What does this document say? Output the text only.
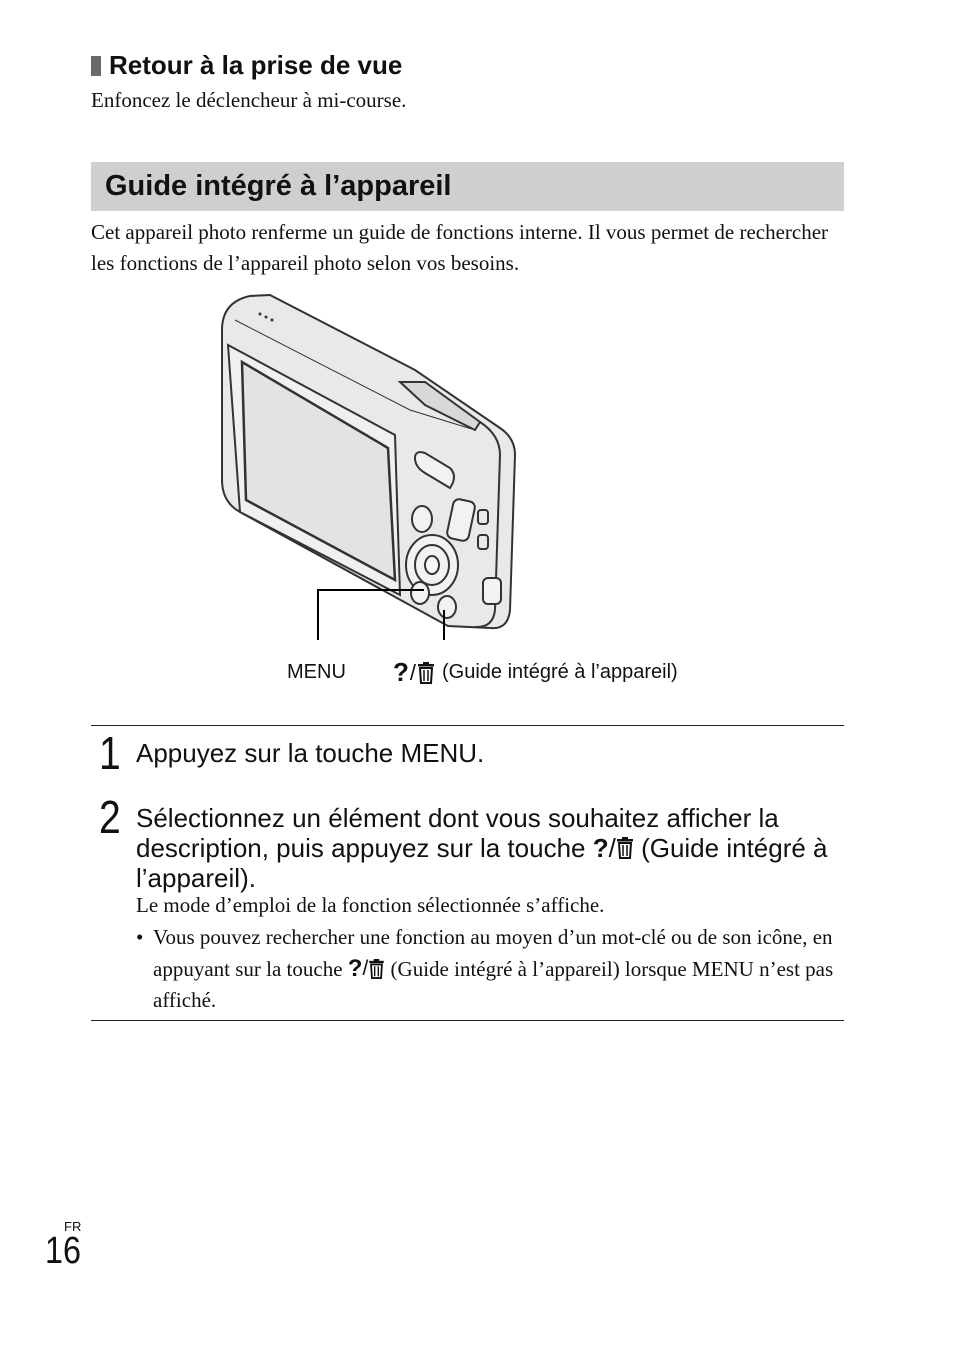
Retour à la prise de vue
Enfoncez le déclencheur à mi-course.
Guide intégré à l’appareil
Cet appareil photo renferme un guide de fonctions interne. Il vous permet de rechercher les fonctions de l’appareil photo selon vos besoins.
MENU ? / (Guide intégré à l’appareil)
1 Appuyez sur la touche MENU.
2 Sélectionnez un élément dont vous souhaitez afficher la description, puis appuyez sur la touche ? / (Guide intégré à l’appareil).
Le mode d’emploi de la fonction sélectionnée s’affiche.
• Vous pouvez rechercher une fonction au moyen d’un mot-clé ou de son icône, en appuyant sur la touche ? / (Guide intégré à l’appareil) lorsque MENU n’est pas affiché.
FR
16
